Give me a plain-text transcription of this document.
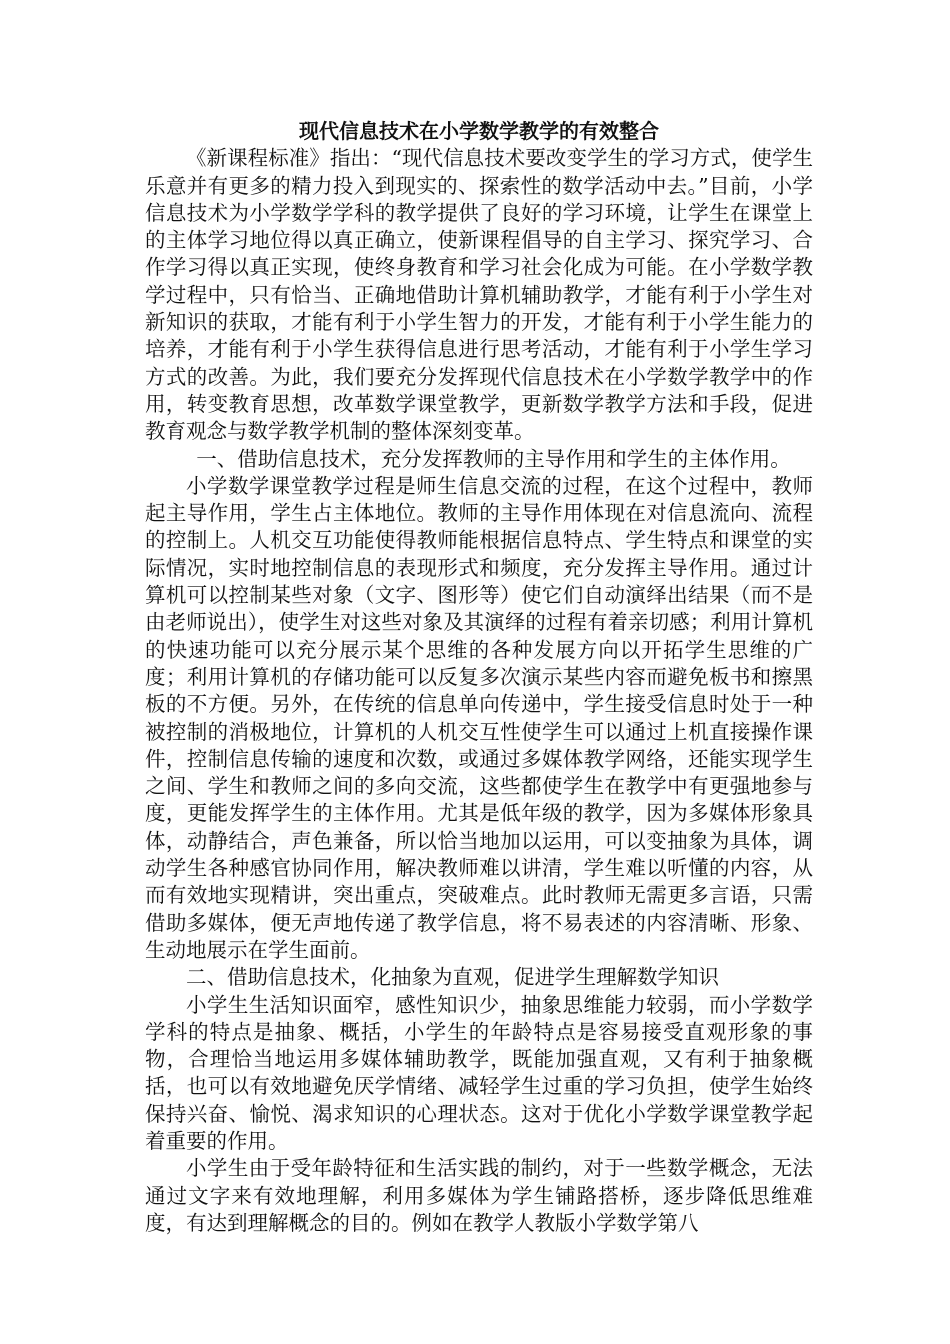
现代信息技术在小学数学教学的有效整合

《新课程标准》指出：“现代信息技术要改变学生的学习方式，使学生乐意并有更多的精力投入到现实的、探索性的数学活动中去。”目前，小学信息技术为小学数学学科的教学提供了良好的学习环境，让学生在课堂上的主体学习地位得以真正确立，使新课程倡导的自主学习、探究学习、合作学习得以真正实现，使终身教育和学习社会化成为可能。在小学数学教学过程中，只有恰当、正确地借助计算机辅助教学，才能有利于小学生对新知识的获取，才能有利于小学生智力的开发，才能有利于小学生能力的培养，才能有利于小学生获得信息进行思考活动，才能有利于小学生学习方式的改善。为此，我们要充分发挥现代信息技术在小学数学教学中的作用，转变教育思想，改革数学课堂教学，更新数学教学方法和手段，促进教育观念与数学教学机制的整体深刻变革。

一、借助信息技术，充分发挥教师的主导作用和学生的主体作用。

小学数学课堂教学过程是师生信息交流的过程，在这个过程中，教师起主导作用，学生占主体地位。教师的主导作用体现在对信息流向、流程的控制上。人机交互功能使得教师能根据信息特点、学生特点和课堂的实际情况，实时地控制信息的表现形式和频度，充分发挥主导作用。通过计算机可以控制某些对象（文字、图形等）使它们自动演绎出结果（而不是由老师说出），使学生对这些对象及其演绎的过程有着亲切感；利用计算机的快速功能可以充分展示某个思维的各种发展方向以开拓学生思维的广度；利用计算机的存储功能可以反复多次演示某些内容而避免板书和擦黑板的不方便。另外，在传统的信息单向传递中，学生接受信息时处于一种被控制的消极地位，计算机的人机交互性使学生可以通过上机直接操作课件，控制信息传输的速度和次数，或通过多媒体教学网络，还能实现学生之间、学生和教师之间的多向交流，这些都使学生在教学中有更强地参与度，更能发挥学生的主体作用。尤其是低年级的教学，因为多媒体形象具体，动静结合，声色兼备，所以恰当地加以运用，可以变抽象为具体，调动学生各种感官协同作用，解决教师难以讲清，学生难以听懂的内容，从而有效地实现精讲，突出重点，突破难点。此时教师无需更多言语，只需借助多媒体，便无声地传递了教学信息，将不易表述的内容清晰、形象、生动地展示在学生面前。

二、借助信息技术，化抽象为直观，促进学生理解数学知识

小学生生活知识面窄，感性知识少，抽象思维能力较弱，而小学数学学科的特点是抽象、概括，小学生的年龄特点是容易接受直观形象的事物，合理恰当地运用多媒体辅助教学，既能加强直观，又有利于抽象概括，也可以有效地避免厌学情绪、减轻学生过重的学习负担，使学生始终保持兴奋、愉悦、渴求知识的心理状态。这对于优化小学数学课堂教学起着重要的作用。

小学生由于受年龄特征和生活实践的制约，对于一些数学概念，无法通过文字来有效地理解，利用多媒体为学生铺路搭桥，逐步降低思维难度，有达到理解概念的目的。例如在教学人教版小学数学第八
